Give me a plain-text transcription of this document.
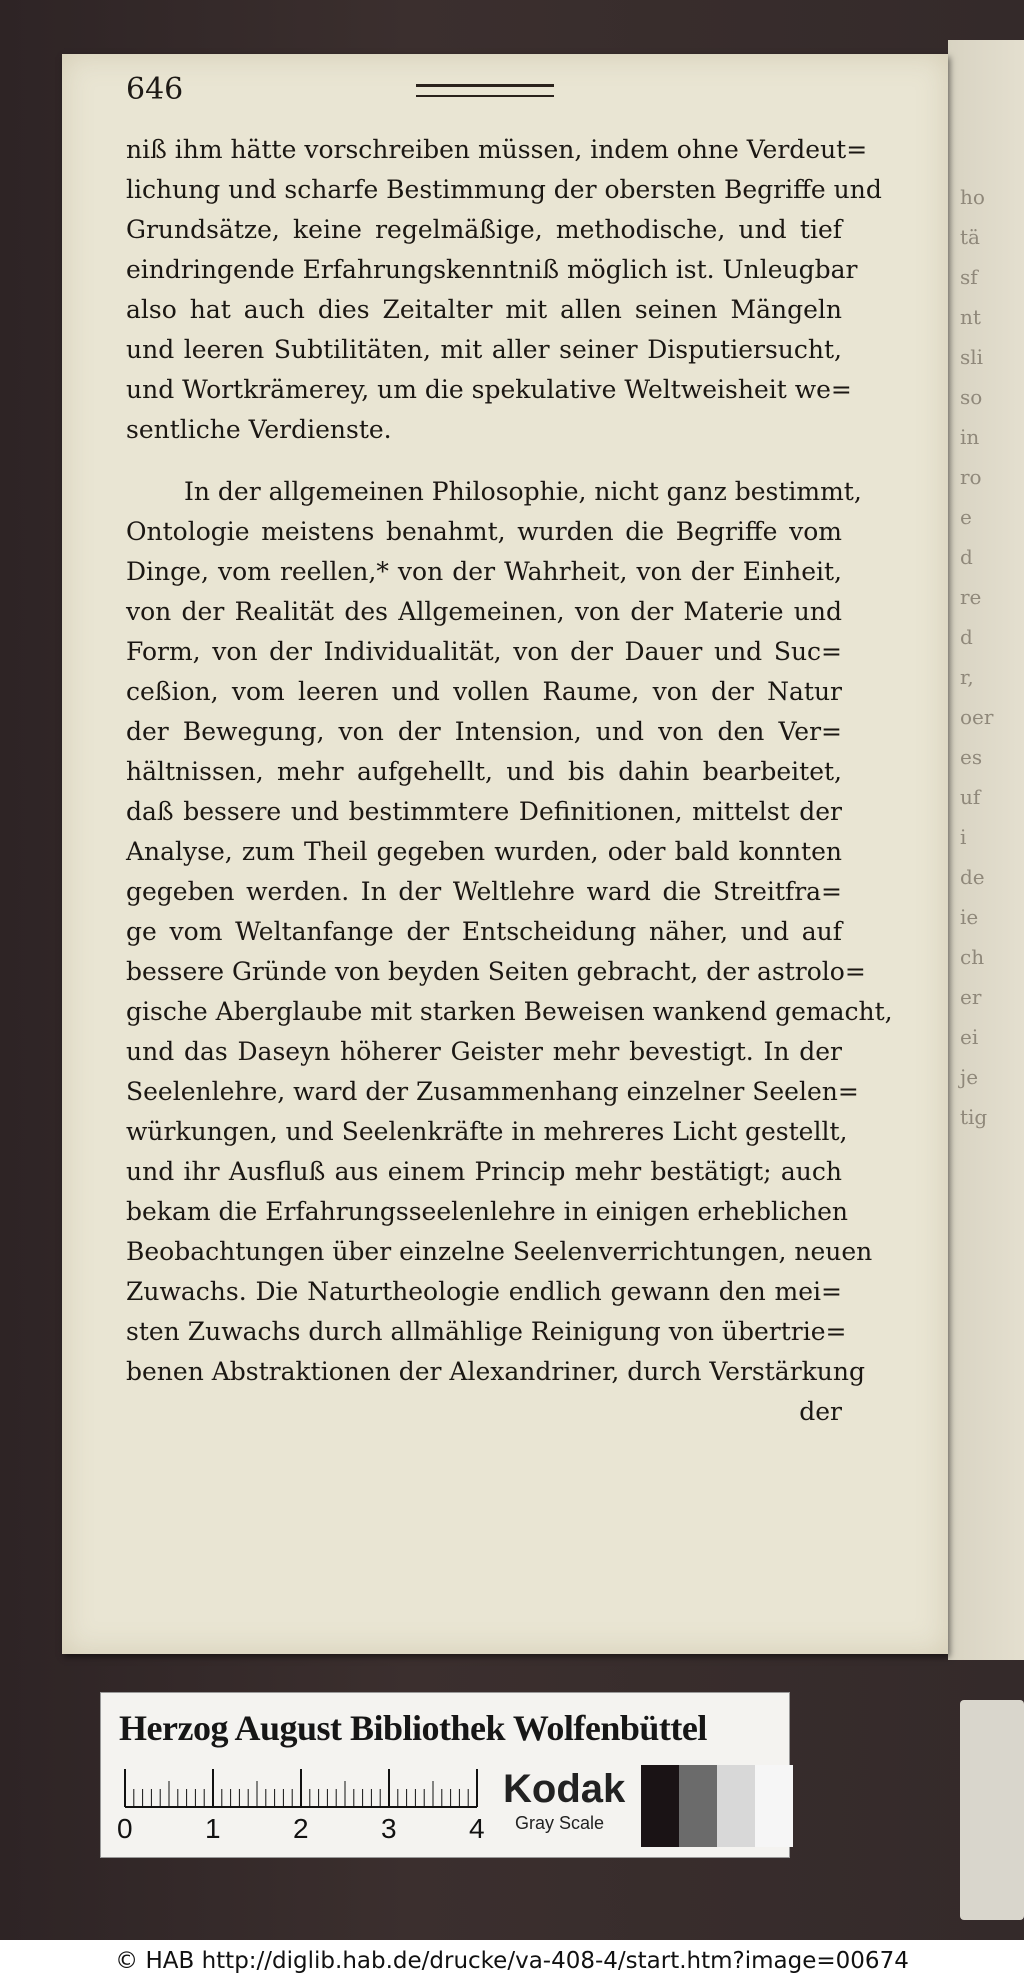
ho
tä
sf
nt
sli
so
in
ro
e
d
re
d
r,
oer
es
uf
i
de
ie
ch
er
ei
je
tig
646
niß ihm hätte vorschreiben müssen, indem ohne Verdeut=
lichung und scharfe Bestimmung der obersten Begriffe und
Grundsätze, keine regelmäßige, methodische, und tief
eindringende Erfahrungskenntniß möglich ist. Unleugbar
also hat auch dies Zeitalter mit allen seinen Mängeln
und leeren Subtilitäten, mit aller seiner Disputiersucht,
und Wortkrämerey, um die spekulative Weltweisheit we=
sentliche Verdienste.
In der allgemeinen Philosophie, nicht ganz bestimmt,
Ontologie meistens benahmt, wurden die Begriffe vom
Dinge, vom reellen,* von der Wahrheit, von der Einheit,
von der Realität des Allgemeinen, von der Materie und
Form, von der Individualität, von der Dauer und Suc=
ceßion, vom leeren und vollen Raume, von der Natur
der Bewegung, von der Intension, und von den Ver=
hältnissen, mehr aufgehellt, und bis dahin bearbeitet,
daß bessere und bestimmtere Definitionen, mittelst der
Analyse, zum Theil gegeben wurden, oder bald konnten
gegeben werden. In der Weltlehre ward die Streitfra=
ge vom Weltanfange der Entscheidung näher, und auf
bessere Gründe von beyden Seiten gebracht, der astrolo=
gische Aberglaube mit starken Beweisen wankend gemacht,
und das Daseyn höherer Geister mehr bevestigt. In der
Seelenlehre, ward der Zusammenhang einzelner Seelen=
würkungen, und Seelenkräfte in mehreres Licht gestellt,
und ihr Ausfluß aus einem Princip mehr bestätigt; auch
bekam die Erfahrungsseelenlehre in einigen erheblichen
Beobachtungen über einzelne Seelenverrichtungen, neuen
Zuwachs. Die Naturtheologie endlich gewann den mei=
sten Zuwachs durch allmählige Reinigung von übertrie=
benen Abstraktionen der Alexandriner, durch Verstärkung
der
Herzog August Bibliothek Wolfenbüttel
0	1	2	3	4
Kodak
Gray Scale
© HAB http://diglib.hab.de/drucke/va-408-4/start.htm?image=00674
